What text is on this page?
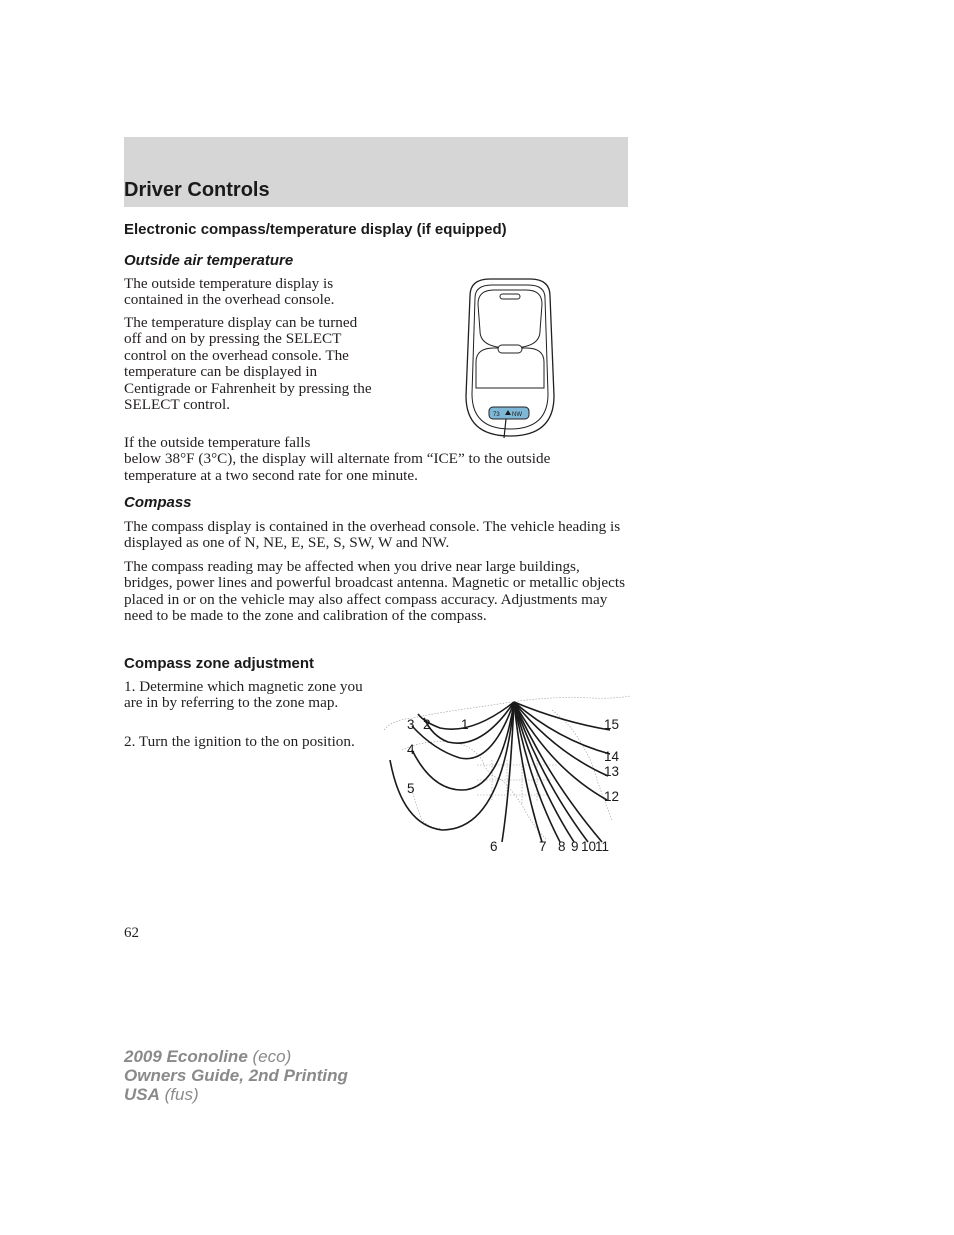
Driver Controls
Electronic compass/temperature display (if equipped)
Outside air temperature

The outside temperature display is contained in the overhead console.

The temperature display can be turned off and on by pressing the SELECT control on the overhead console. The temperature can be displayed in Centigrade or Fahrenheit by pressing the SELECT control.

If the outside temperature falls
below 38°F (3°C), the display will alternate from “ICE” to the outside temperature at a two second rate for one minute.

73 NW
Compass

The compass display is contained in the overhead console. The vehicle heading is displayed as one of N, NE, E, SE, S, SW, W and NW.

The compass reading may be affected when you drive near large buildings, bridges, power lines and powerful broadcast antenna. Magnetic or metallic objects placed in or on the vehicle may also affect compass accuracy. Adjustments may need to be made to the zone and calibration of the compass.

Compass zone adjustment

1. Determine which magnetic zone you are in by referring to the zone map.

2. Turn the ignition to the on position.

1
2
3
4
5
6	7 8 9 10
11
12
13
14
15
62
2009 Econoline (eco)
Owners Guide, 2nd Printing
USA (fus)
